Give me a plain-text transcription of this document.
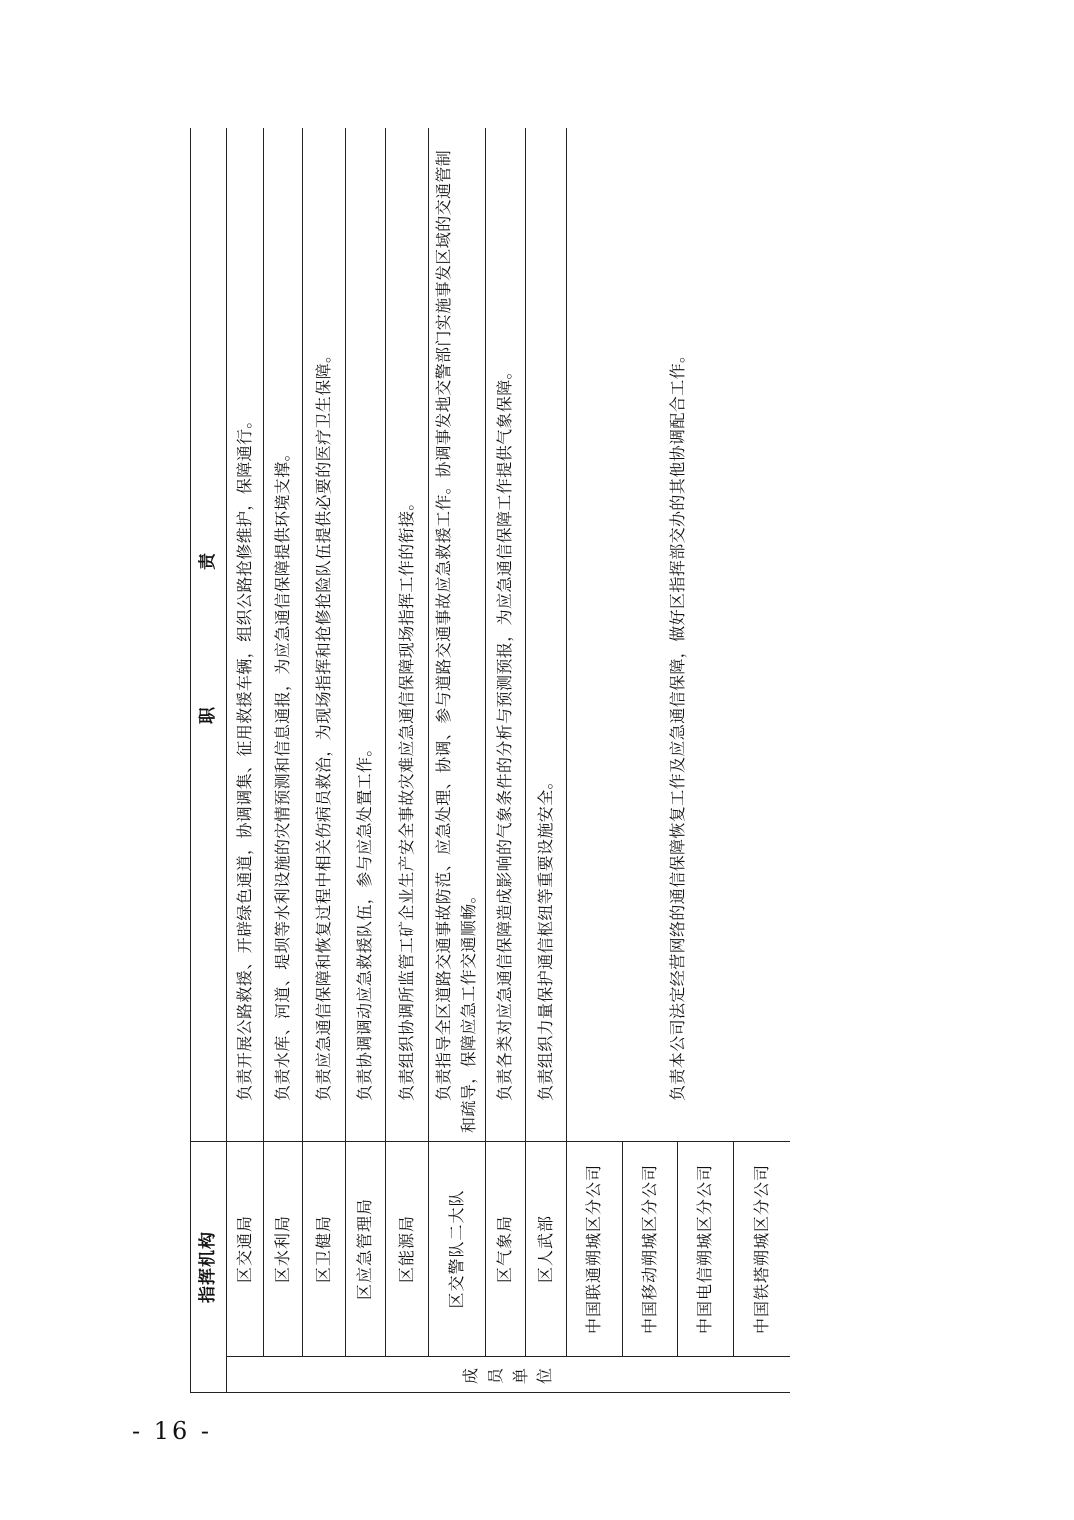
指挥机构		职　责
成员单位	区交通局	负责开展公路救援、开辟绿色通道，协调调集、征用救援车辆，组织公路抢修维护，保障通行。
	区水利局	负责水库、河道、堤坝等水利设施的灾情预测和信息通报，为应急通信保障提供环境支撑。
	区卫健局	负责应急通信保障和恢复过程中相关伤病员救治，为现场指挥和抢修抢险队伍提供必要的医疗卫生保障。
	区应急管理局	负责协调调动应急救援队伍，参与应急处置工作。
	区能源局	负责组织协调所监管工矿企业生产安全事故灾难应急通信保障现场指挥工作的衔接。
	区交警队二大队	负责指导全区道路交通事故防范、应急处理、协调、参与道路交通事故应急救援工作。协调事发地交警部门实施事发区域的交通管制和疏导，保障应急工作交通顺畅。
	区气象局	负责各类对应急通信保障造成影响的气象条件的分析与预测预报，为应急通信保障工作提供气象保障。
	区人武部	负责组织力量保护通信枢纽等重要设施安全。
	中国联通朔城区分公司	负责本公司法定经营网络的通信保障恢复工作及应急通信保障，做好区指挥部交办的其他协调配合工作。
	中国移动朔城区分公司	
	中国电信朔城区分公司	
	中国铁塔朔城区分公司	
- 16 -
